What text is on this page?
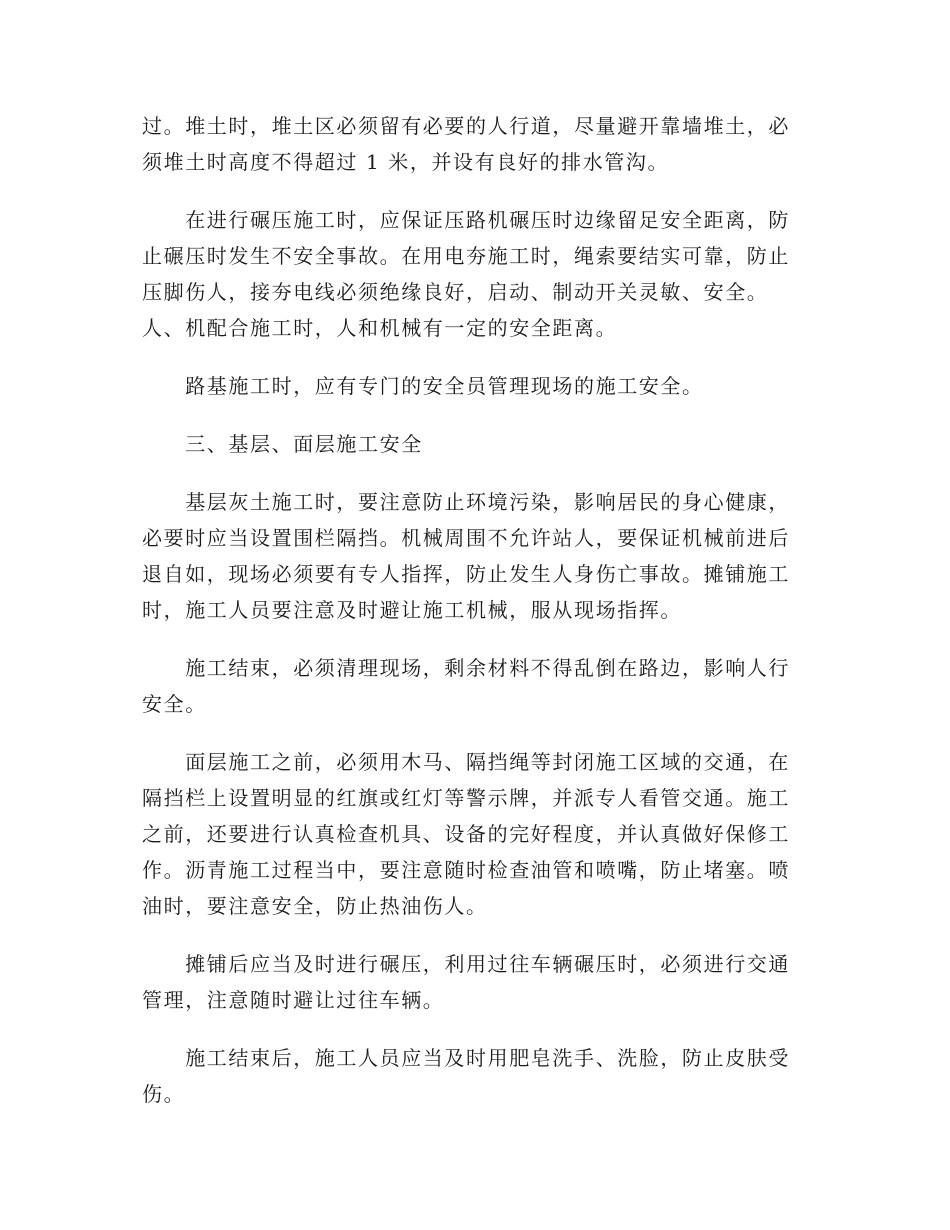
过。堆土时，堆土区必须留有必要的人行道，尽量避开靠墙堆土，必
须堆土时高度不得超过 1 米，并设有良好的排水管沟。

　　在进行碾压施工时，应保证压路机碾压时边缘留足安全距离，防
止碾压时发生不安全事故。在用电夯施工时，绳索要结实可靠，防止
压脚伤人，接夯电线必须绝缘良好，启动、制动开关灵敏、安全。
人、机配合施工时，人和机械有一定的安全距离。

　　路基施工时，应有专门的安全员管理现场的施工安全。

　　三、基层、面层施工安全

　　基层灰土施工时，要注意防止环境污染，影响居民的身心健康，
必要时应当设置围栏隔挡。机械周围不允许站人，要保证机械前进后
退自如，现场必须要有专人指挥，防止发生人身伤亡事故。摊铺施工
时，施工人员要注意及时避让施工机械，服从现场指挥。

　　施工结束，必须清理现场，剩余材料不得乱倒在路边，影响人行
安全。

　　面层施工之前，必须用木马、隔挡绳等封闭施工区域的交通，在
隔挡栏上设置明显的红旗或红灯等警示牌，并派专人看管交通。施工
之前，还要进行认真检查机具、设备的完好程度，并认真做好保修工
作。沥青施工过程当中，要注意随时检查油管和喷嘴，防止堵塞。喷
油时，要注意安全，防止热油伤人。

　　摊铺后应当及时进行碾压，利用过往车辆碾压时，必须进行交通
管理，注意随时避让过往车辆。

　　施工结束后，施工人员应当及时用肥皂洗手、洗脸，防止皮肤受
伤。
